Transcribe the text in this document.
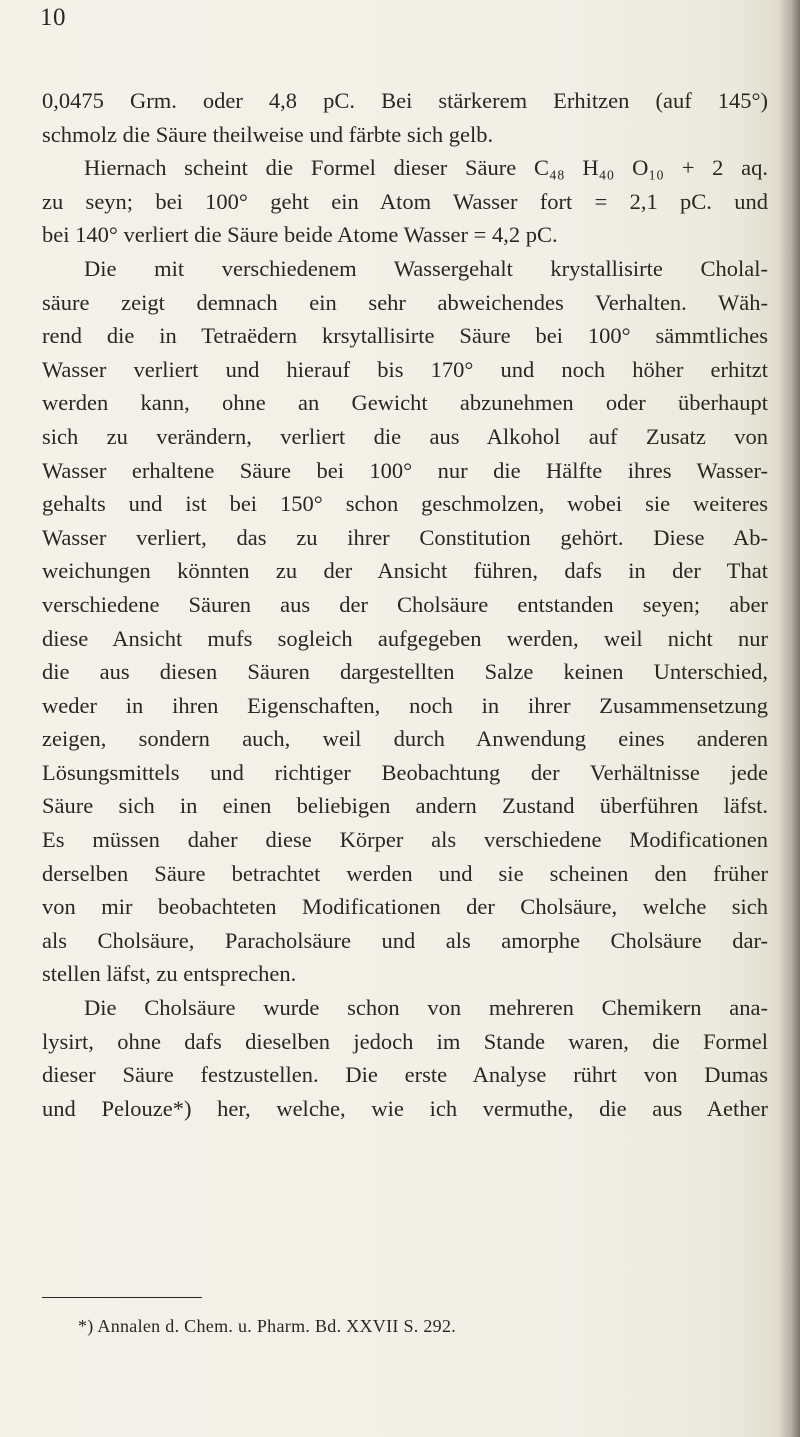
10
0,0475 Grm. oder 4,8 pC. Bei stärkerem Erhitzen (auf 145°)
schmolz die Säure theilweise und färbte sich gelb.
Hiernach scheint die Formel dieser Säure C₄₈ H₄₀ O₁₀ + 2 aq.
zu seyn; bei 100° geht ein Atom Wasser fort = 2,1 pC. und
bei 140° verliert die Säure beide Atome Wasser = 4,2 pC.
Die mit verschiedenem Wassergehalt krystallisirte Cholal-
säure zeigt demnach ein sehr abweichendes Verhalten. Wäh-
rend die in Tetraëdern krsytallisirte Säure bei 100° sämmtliches
Wasser verliert und hierauf bis 170° und noch höher erhitzt
werden kann, ohne an Gewicht abzunehmen oder überhaupt
sich zu verändern, verliert die aus Alkohol auf Zusatz von
Wasser erhaltene Säure bei 100° nur die Hälfte ihres Wasser-
gehalts und ist bei 150° schon geschmolzen, wobei sie weiteres
Wasser verliert, das zu ihrer Constitution gehört. Diese Ab-
weichungen könnten zu der Ansicht führen, dafs in der That
verschiedene Säuren aus der Cholsäure entstanden seyen; aber
diese Ansicht mufs sogleich aufgegeben werden, weil nicht nur
die aus diesen Säuren dargestellten Salze keinen Unterschied,
weder in ihren Eigenschaften, noch in ihrer Zusammensetzung
zeigen, sondern auch, weil durch Anwendung eines anderen
Lösungsmittels und richtiger Beobachtung der Verhältnisse jede
Säure sich in einen beliebigen andern Zustand überführen läfst.
Es müssen daher diese Körper als verschiedene Modificationen
derselben Säure betrachtet werden und sie scheinen den früher
von mir beobachteten Modificationen der Cholsäure, welche sich
als Cholsäure, Paracholsäure und als amorphe Cholsäure dar-
stellen läfst, zu entsprechen.
Die Cholsäure wurde schon von mehreren Chemikern ana-
lysirt, ohne dafs dieselben jedoch im Stande waren, die Formel
dieser Säure festzustellen. Die erste Analyse rührt von Dumas
und Pelouze*) her, welche, wie ich vermuthe, die aus Aether
*) Annalen d. Chem. u. Pharm. Bd. XXVII S. 292.
